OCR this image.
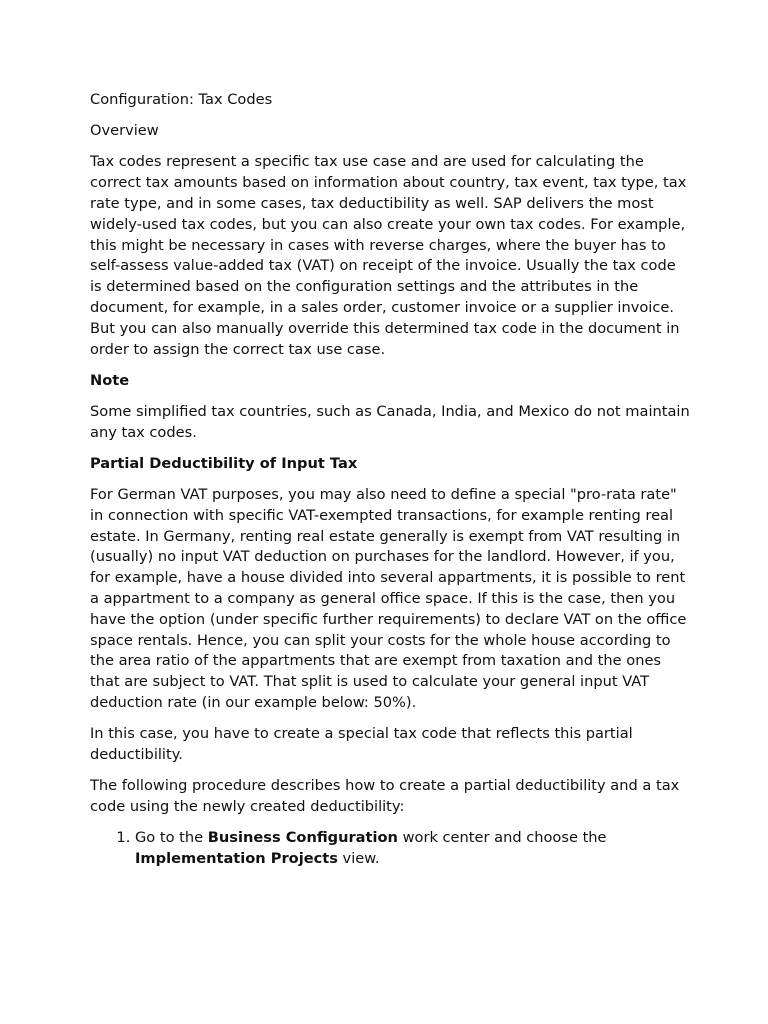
Configuration: Tax Codes

Overview

Tax codes represent a specific tax use case and are used for calculating the correct tax amounts based on information about country, tax event, tax type, tax rate type, and in some cases, tax deductibility as well. SAP delivers the most widely-used tax codes, but you can also create your own tax codes. For example, this might be necessary in cases with reverse charges, where the buyer has to self-assess value-added tax (VAT) on receipt of the invoice. Usually the tax code is determined based on the configuration settings and the attributes in the document, for example, in a sales order, customer invoice or a supplier invoice. But you can also manually override this determined tax code in the document in order to assign the correct tax use case.

Note

Some simplified tax countries, such as Canada, India, and Mexico do not maintain any tax codes.

Partial Deductibility of Input Tax

For German VAT purposes, you may also need to define a special "pro-rata rate" in connection with specific VAT-exempted transactions, for example renting real estate. In Germany, renting real estate generally is exempt from VAT resulting in (usually) no input VAT deduction on purchases for the landlord. However, if you, for example, have a house divided into several appartments, it is possible to rent a appartment to a company as general office space. If this is the case, then you have the option (under specific further requirements) to declare VAT on the office space rentals. Hence, you can split your costs for the whole house according to the area ratio of the appartments that are exempt from taxation and the ones that are subject to VAT. That split is used to calculate your general input VAT deduction rate (in our example below: 50%).

In this case, you have to create a special tax code that reflects this partial deductibility.

The following procedure describes how to create a partial deductibility and a tax code using the newly created deductibility:

1. Go to the Business Configuration work center and choose the Implementation Projects view.
